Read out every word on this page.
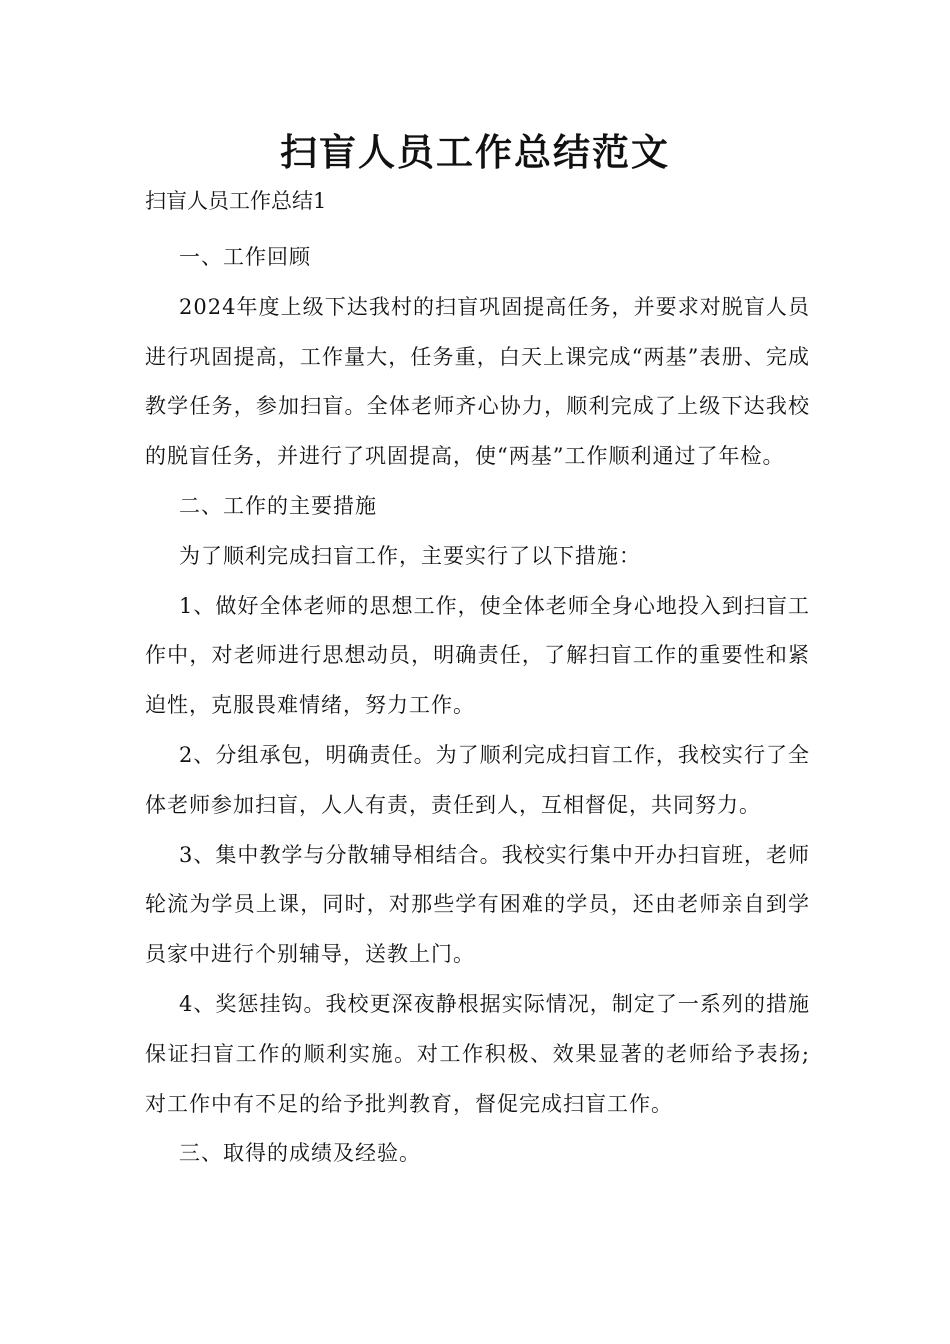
扫盲人员工作总结范文

扫盲人员工作总结1

一、工作回顾

2024年度上级下达我村的扫盲巩固提高任务，并要求对脱盲人员进行巩固提高，工作量大，任务重，白天上课完成“两基”表册、完成教学任务，参加扫盲。全体老师齐心协力，顺利完成了上级下达我校的脱盲任务，并进行了巩固提高，使“两基”工作顺利通过了年检。

二、工作的主要措施

为了顺利完成扫盲工作，主要实行了以下措施：

1、做好全体老师的思想工作，使全体老师全身心地投入到扫盲工作中，对老师进行思想动员，明确责任，了解扫盲工作的重要性和紧迫性，克服畏难情绪，努力工作。

2、分组承包，明确责任。为了顺利完成扫盲工作，我校实行了全体老师参加扫盲，人人有责，责任到人，互相督促，共同努力。

3、集中教学与分散辅导相结合。我校实行集中开办扫盲班，老师轮流为学员上课，同时，对那些学有困难的学员，还由老师亲自到学员家中进行个别辅导，送教上门。

4、奖惩挂钩。我校更深夜静根据实际情况，制定了一系列的措施保证扫盲工作的顺利实施。对工作积极、效果显著的老师给予表扬;对工作中有不足的给予批判教育，督促完成扫盲工作。

三、取得的成绩及经验。
